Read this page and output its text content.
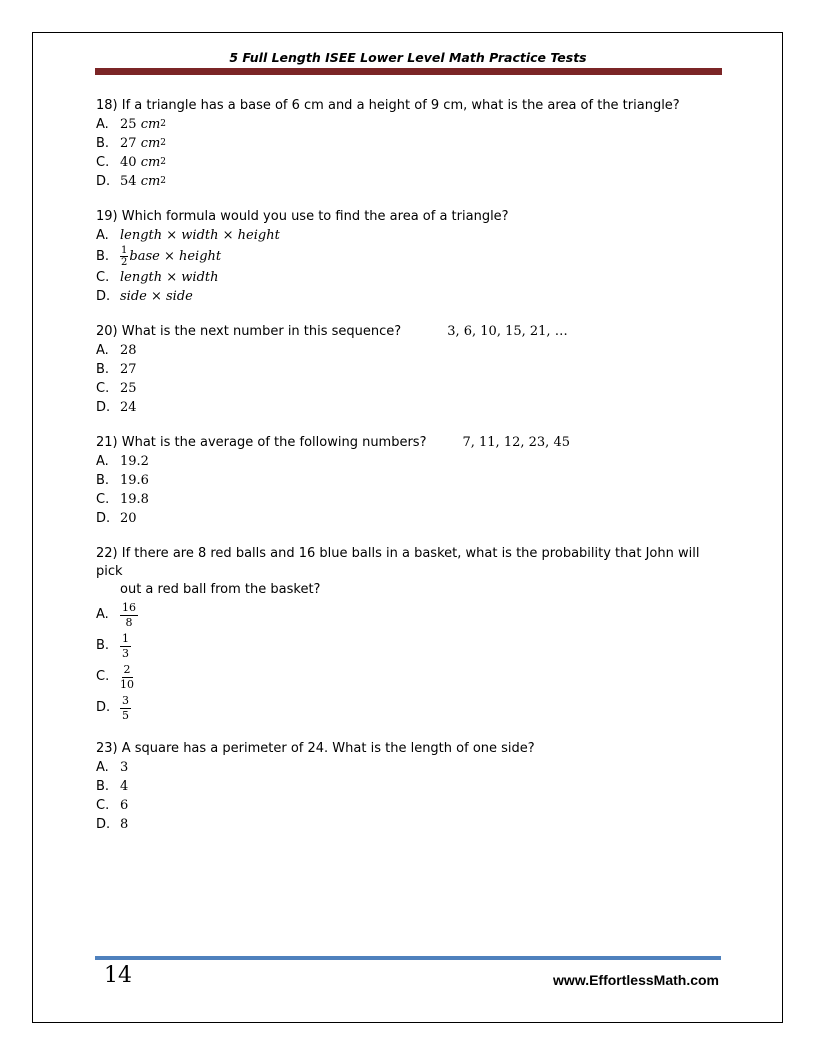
5 Full Length ISEE Lower Level Math Practice Tests
18) If a triangle has a base of 6 cm and a height of 9 cm, what is the area of the triangle?
A. 25
cm 2
B. 27
cm 2
C. 40
cm 2
D. 54
cm 2
19) Which formula would you use to find the area of a triangle?
A. length × width × height
B.	$\frac{1}{2}$ base × height
C. length × width
D. side × side
20) What is the next number in this sequence?	3, 6, 10, 15, 21, …
A. 28
B. 27
C. 25
D. 24
21) What is the average of the following numbers?	7, 11, 12, 23, 45
A. 19.2
B. 19.6
C. 19.8
D. 20
22) If there are 8 red balls and 16 blue balls in a basket, what is the probability that John will pick
out a red ball from the basket?
A.	$\frac{16}{8}$
B. $\frac{1}{3}$
C. $\frac{2}{10}$
D. $\frac{3}{5}$
23) A square has a perimeter of 24. What is the length of one side?
A. 3
B. 4
C. 6
D. 8
14	www.EffortlessMath.com
